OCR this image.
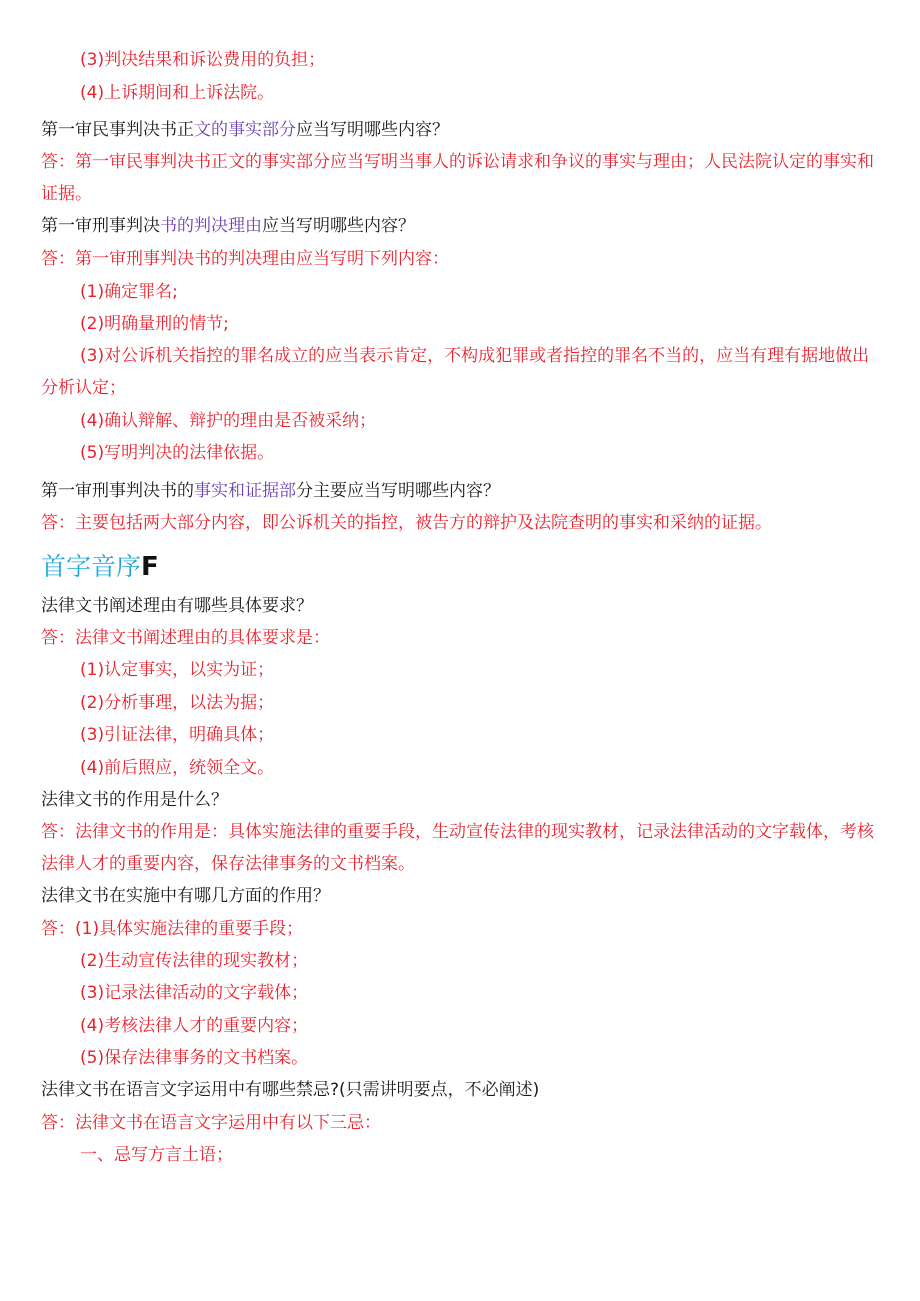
(3)判决结果和诉讼费用的负担；
(4)上诉期间和上诉法院。
第一审民事判决书正文的事实部分应当写明哪些内容？
答：第一审民事判决书正文的事实部分应当写明当事人的诉讼请求和争议的事实与理由；人民法院认定的事实和
证据。
第一审刑事判决书的判决理由应当写明哪些内容？
答：第一审刑事判决书的判决理由应当写明下列内容：
(1)确定罪名;
(2)明确量刑的情节;
(3)对公诉机关指控的罪名成立的应当表示肯定，不构成犯罪或者指控的罪名不当的，应当有理有据地做出
分析认定；
(4)确认辩解、辩护的理由是否被采纳；
(5)写明判决的法律依据。
第一审刑事判决书的事实和证据部分主要应当写明哪些内容？
答：主要包括两大部分内容，即公诉机关的指控，被告方的辩护及法院查明的事实和采纳的证据。
首字音序F
法律文书阐述理由有哪些具体要求？
答：法律文书阐述理由的具体要求是：
(1)认定事实，以实为证；
(2)分析事理，以法为据；
(3)引证法律，明确具体；
(4)前后照应，统领全文。
法律文书的作用是什么？
答：法律文书的作用是：具体实施法律的重要手段，生动宣传法律的现实教材，记录法律活动的文字载体，考核
法律人才的重要内容，保存法律事务的文书档案。
法律文书在实施中有哪几方面的作用？
答：(1)具体实施法律的重要手段；
(2)生动宣传法律的现实教材；
(3)记录法律活动的文字载体；
(4)考核法律人才的重要内容；
(5)保存法律事务的文书档案。
法律文书在语言文字运用中有哪些禁忌?(只需讲明要点，不必阐述)
答：法律文书在语言文字运用中有以下三忌：
一、忌写方言土语；
